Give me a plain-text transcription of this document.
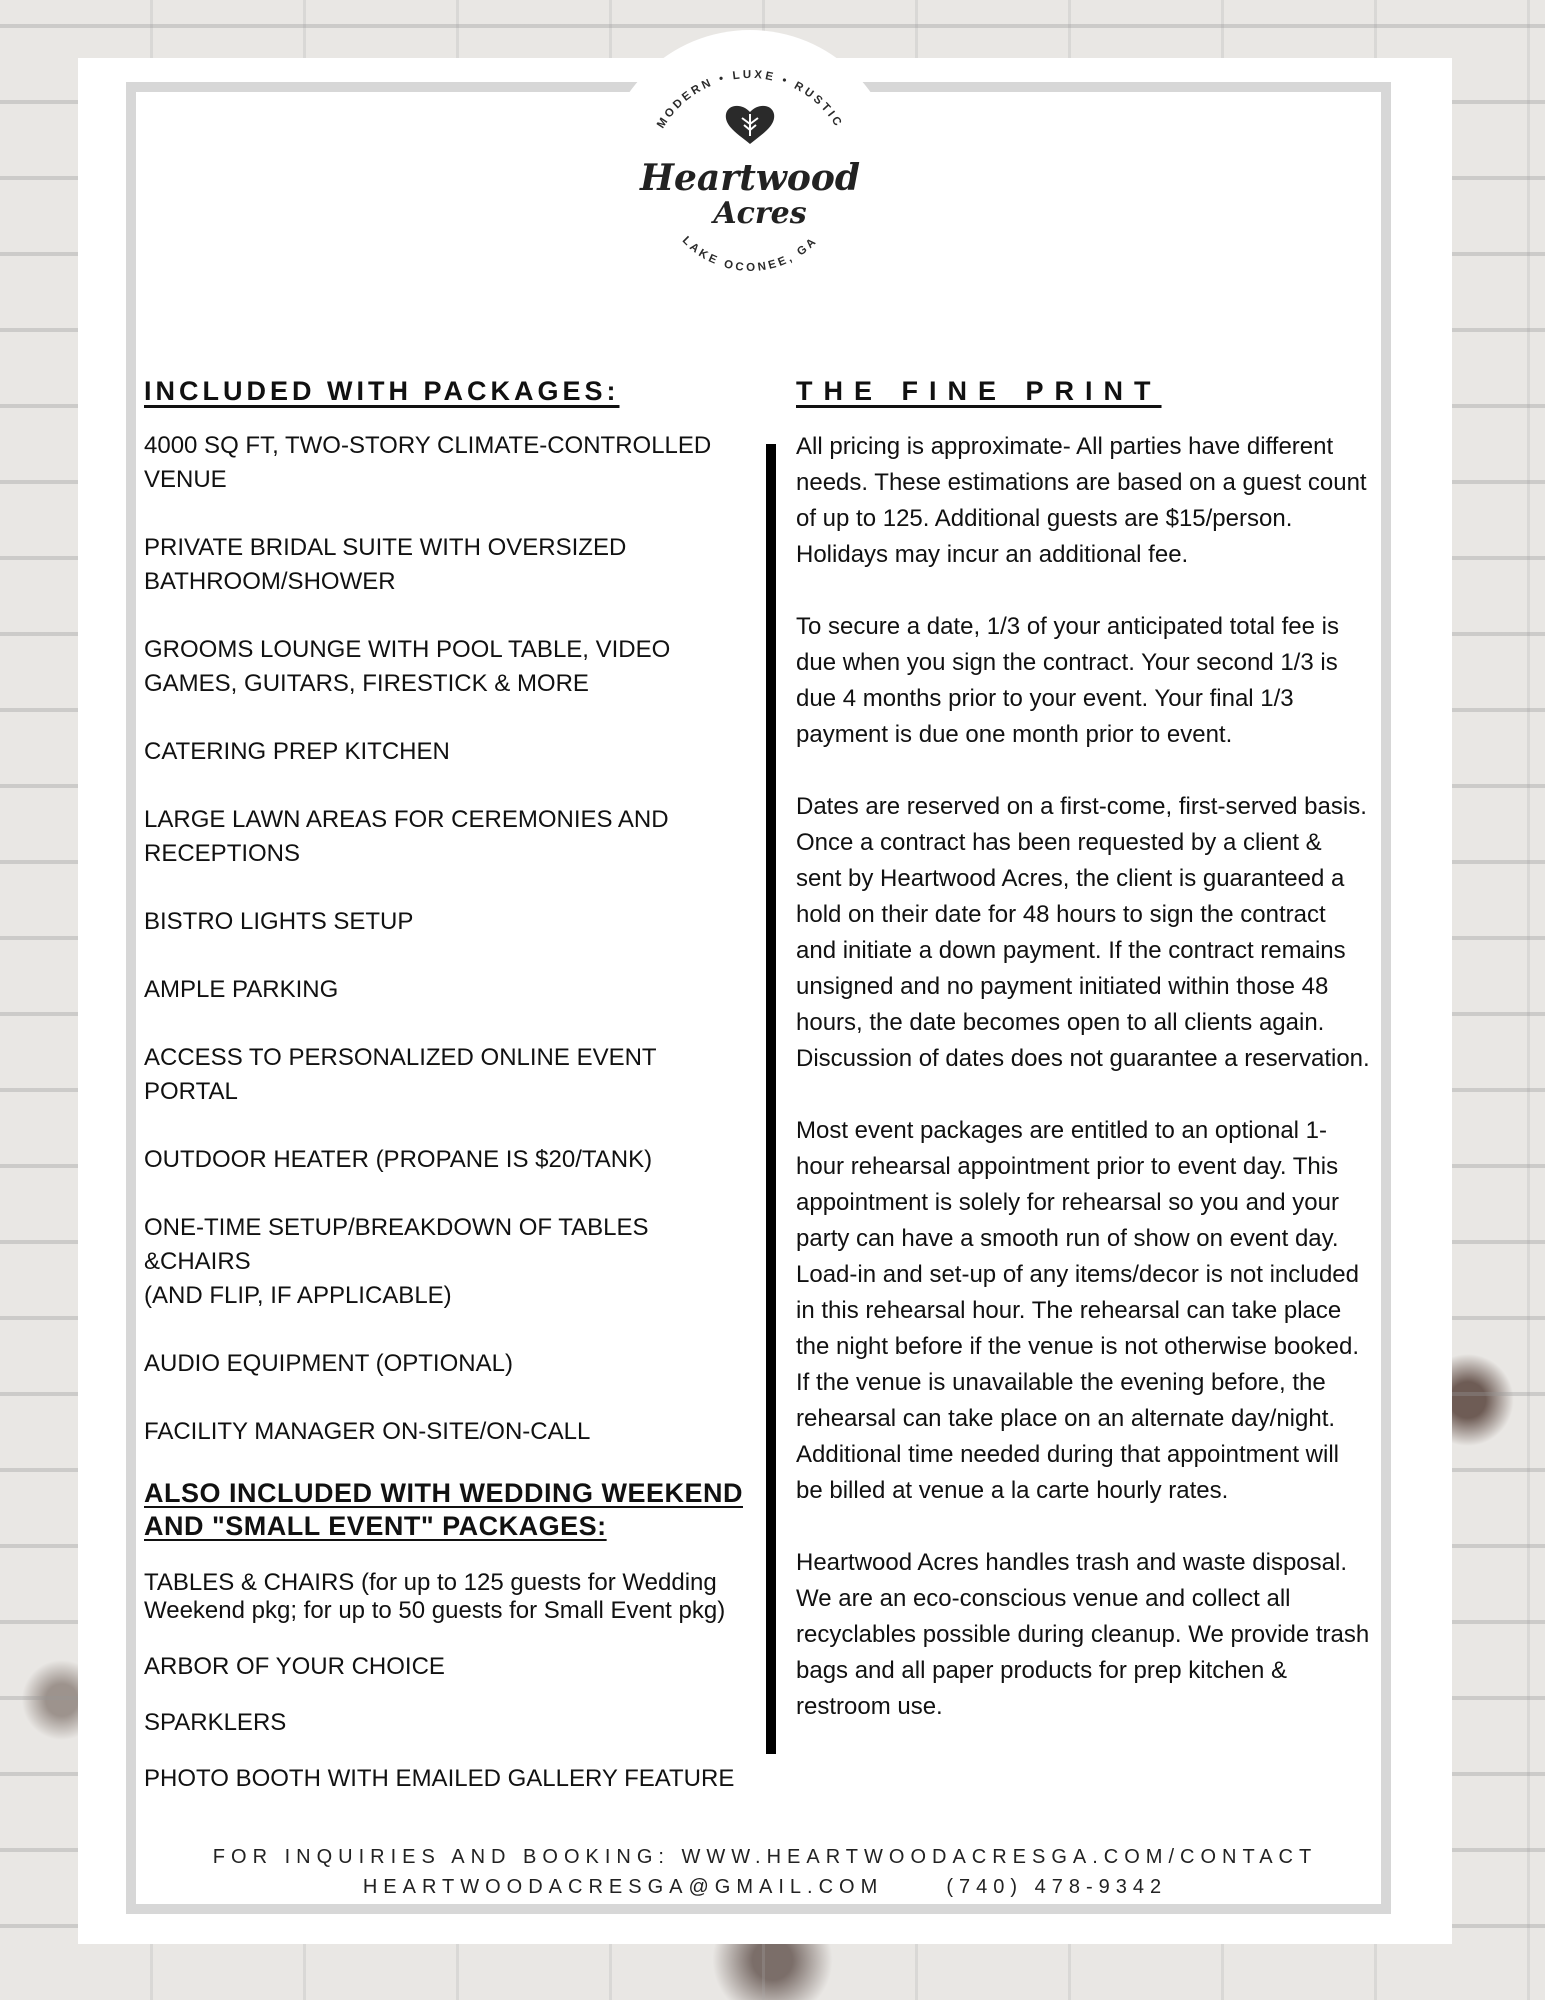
MODERN • LUXE • RUSTIC
Heartwood
Acres
LAKE OCONEE, GA
INCLUDED WITH PACKAGES:
4000 SQ FT, TWO-STORY CLIMATE-CONTROLLED
VENUE
PRIVATE BRIDAL SUITE WITH OVERSIZED
BATHROOM/SHOWER
GROOMS LOUNGE WITH POOL TABLE, VIDEO
GAMES, GUITARS, FIRESTICK & MORE
CATERING PREP KITCHEN
LARGE LAWN AREAS FOR CEREMONIES AND
RECEPTIONS
BISTRO LIGHTS SETUP
AMPLE PARKING
ACCESS TO PERSONALIZED ONLINE EVENT PORTAL
OUTDOOR HEATER (PROPANE IS $20/TANK)
ONE-TIME SETUP/BREAKDOWN OF TABLES
&CHAIRS
(AND FLIP, IF APPLICABLE)
AUDIO EQUIPMENT (OPTIONAL)
FACILITY MANAGER ON-SITE/ON-CALL
ALSO INCLUDED WITH WEDDING WEEKEND AND "SMALL EVENT" PACKAGES:
TABLES & CHAIRS (for up to 125 guests for Wedding Weekend pkg; for up to 50 guests for Small Event pkg)
ARBOR OF YOUR CHOICE
SPARKLERS
PHOTO BOOTH WITH EMAILED GALLERY FEATURE
THE FINE PRINT

All pricing is approximate- All parties have different needs. These estimations are based on a guest count of up to 125. Additional guests are $15/person. Holidays may incur an additional fee.

To secure a date, 1/3 of your anticipated total fee is due when you sign the contract. Your second 1/3 is due 4 months prior to your event. Your final 1/3 payment is due one month prior to event.

Dates are reserved on a first-come, first-served basis. Once a contract has been requested by a client & sent by Heartwood Acres, the client is guaranteed a hold on their date for 48 hours to sign the contract and initiate a down payment. If the contract remains unsigned and no payment initiated within those 48 hours, the date becomes open to all clients again. Discussion of dates does not guarantee a reservation.

Most event packages are entitled to an optional 1-hour rehearsal appointment prior to event day. This appointment is solely for rehearsal so you and your party can have a smooth run of show on event day. Load-in and set-up of any items/decor is not included in this rehearsal hour. The rehearsal can take place the night before if the venue is not otherwise booked. If the venue is unavailable the evening before, the rehearsal can take place on an alternate day/night. Additional time needed during that appointment will be billed at venue a la carte hourly rates.

Heartwood Acres handles trash and waste disposal. We are an eco-conscious venue and collect all recyclables possible during cleanup. We provide trash bags and all paper products for prep kitchen & restroom use.

FOR INQUIRIES AND BOOKING: WWW.HEARTWOODACRESGA.COM/CONTACT
HEARTWOODACRESGA@GMAIL.COM	(740) 478-9342
